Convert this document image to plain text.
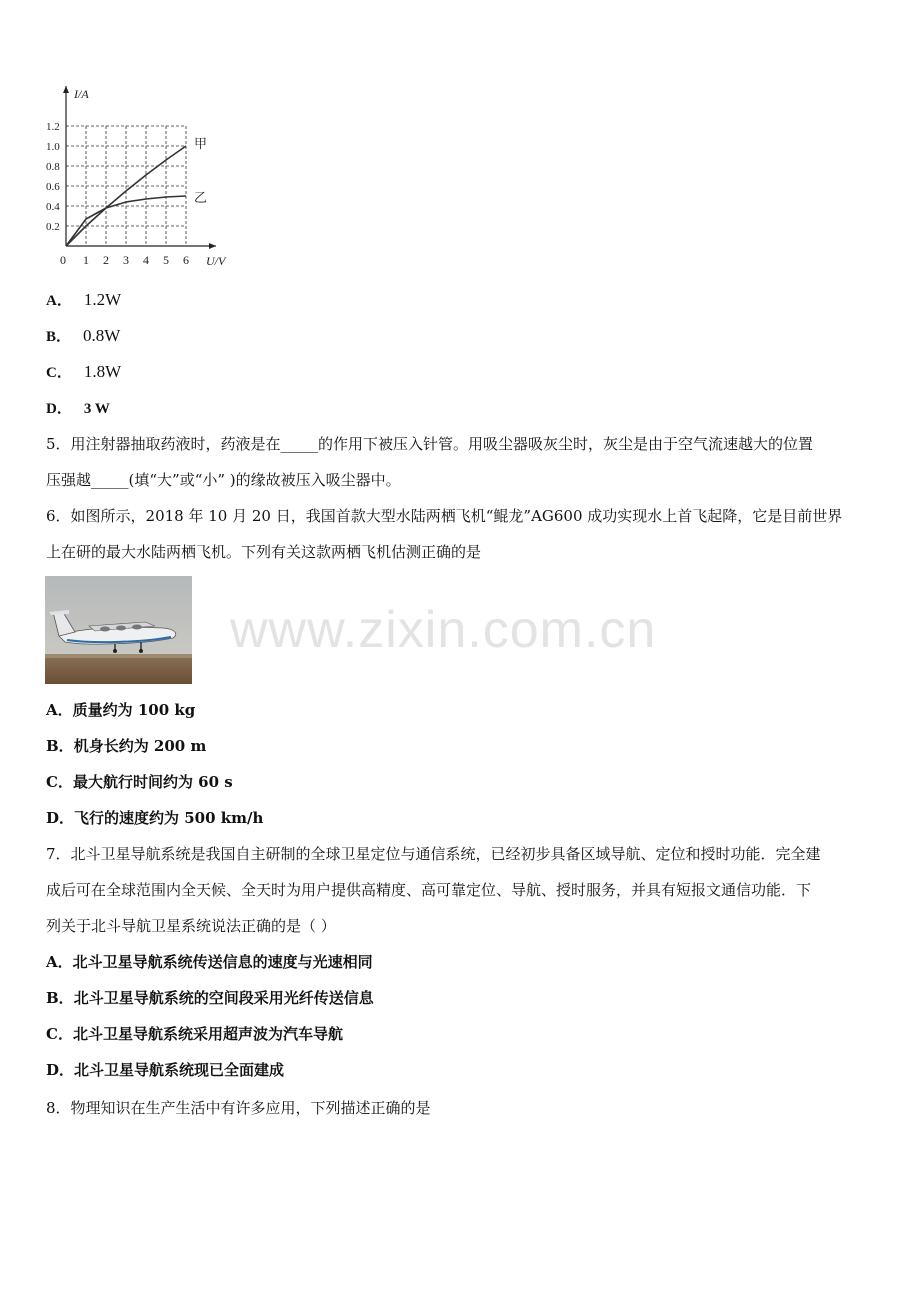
U/V
I/A
0 1 2 3 4 5 6
0.2
0.4
0.6
0.8
1.0
1.2
甲
乙
A． 1.2W
B． 0.8W
C． 1.8W
D． 3 W
5．用注射器抽取药液时，药液是在_____的作用下被压入针管。用吸尘器吸灰尘时，灰尘是由于空气流速越大的位置
压强越_____(填“大”或“小” )的缘故被压入吸尘器中。
6．如图所示，2018 年 10 月 20 日，我国首款大型水陆两栖飞机“鲲龙”AG600 成功实现水上首飞起降，它是目前世界
上在研的最大水陆两栖飞机。下列有关这款两栖飞机估测正确的是
www.zixin.com.cn
A．质量约为 100 kg
B．机身长约为 200 m
C．最大航行时间约为 60 s
D．飞行的速度约为 500 km/h
7．北斗卫星导航系统是我国自主研制的全球卫星定位与通信系统，已经初步具备区域导航、定位和授时功能．完全建
成后可在全球范围内全天候、全天时为用户提供高精度、高可靠定位、导航、授时服务，并具有短报文通信功能．下
列关于北斗导航卫星系统说法正确的是（ ）
A．北斗卫星导航系统传送信息的速度与光速相同
B．北斗卫星导航系统的空间段采用光纤传送信息
C．北斗卫星导航系统采用超声波为汽车导航
D．北斗卫星导航系统现已全面建成
8．物理知识在生产生活中有许多应用，下列描述正确的是
